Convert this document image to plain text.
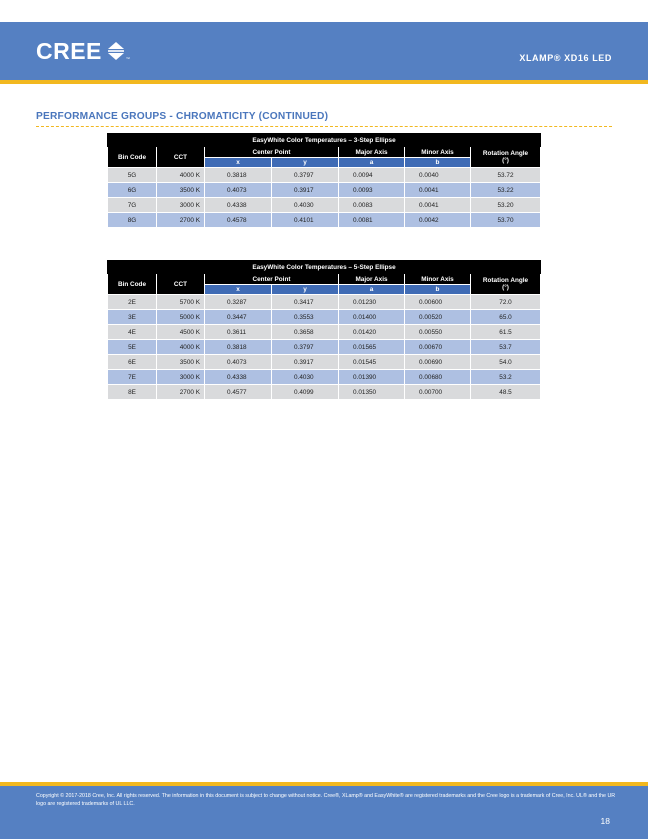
CREE	™	XLAMP® XD16 LED
PERFORMANCE GROUPS - CHROMATICITY (CONTINUED)
EasyWhite Color Temperatures – 3-Step Ellipse						
Bin Code	CCT	Center Point		Major Axis	Minor Axis	Rotation Angle
(°)
		x	y	a	b	
5G	4000 K	0.3818	0.3797	0.0094	0.0040	53.72
6G	3500 K	0.4073	0.3917	0.0093	0.0041	53.22
7G	3000 K	0.4338	0.4030	0.0083	0.0041	53.20
8G	2700 K	0.4578	0.4101	0.0081	0.0042	53.70
EasyWhite Color Temperatures – 5-Step Ellipse						
Bin Code	CCT	Center Point		Major Axis	Minor Axis	Rotation Angle
(°)
		x	y	a	b	
2E	5700 K	0.3287	0.3417	0.01230	0.00600	72.0
3E	5000 K	0.3447	0.3553	0.01400	0.00520	65.0
4E	4500 K	0.3611	0.3658	0.01420	0.00550	61.5
5E	4000 K	0.3818	0.3797	0.01565	0.00670	53.7
6E	3500 K	0.4073	0.3917	0.01545	0.00690	54.0
7E	3000 K	0.4338	0.4030	0.01390	0.00680	53.2
8E	2700 K	0.4577	0.4099	0.01350	0.00700	48.5
Copyright © 2017-2018 Cree, Inc. All rights reserved. The information in this document is subject to change without notice. Cree®, XLamp® and EasyWhite® are registered trademarks and the Cree logo is a trademark of Cree, Inc. UL® and the UR logo are registered trademarks of UL LLC.
18
